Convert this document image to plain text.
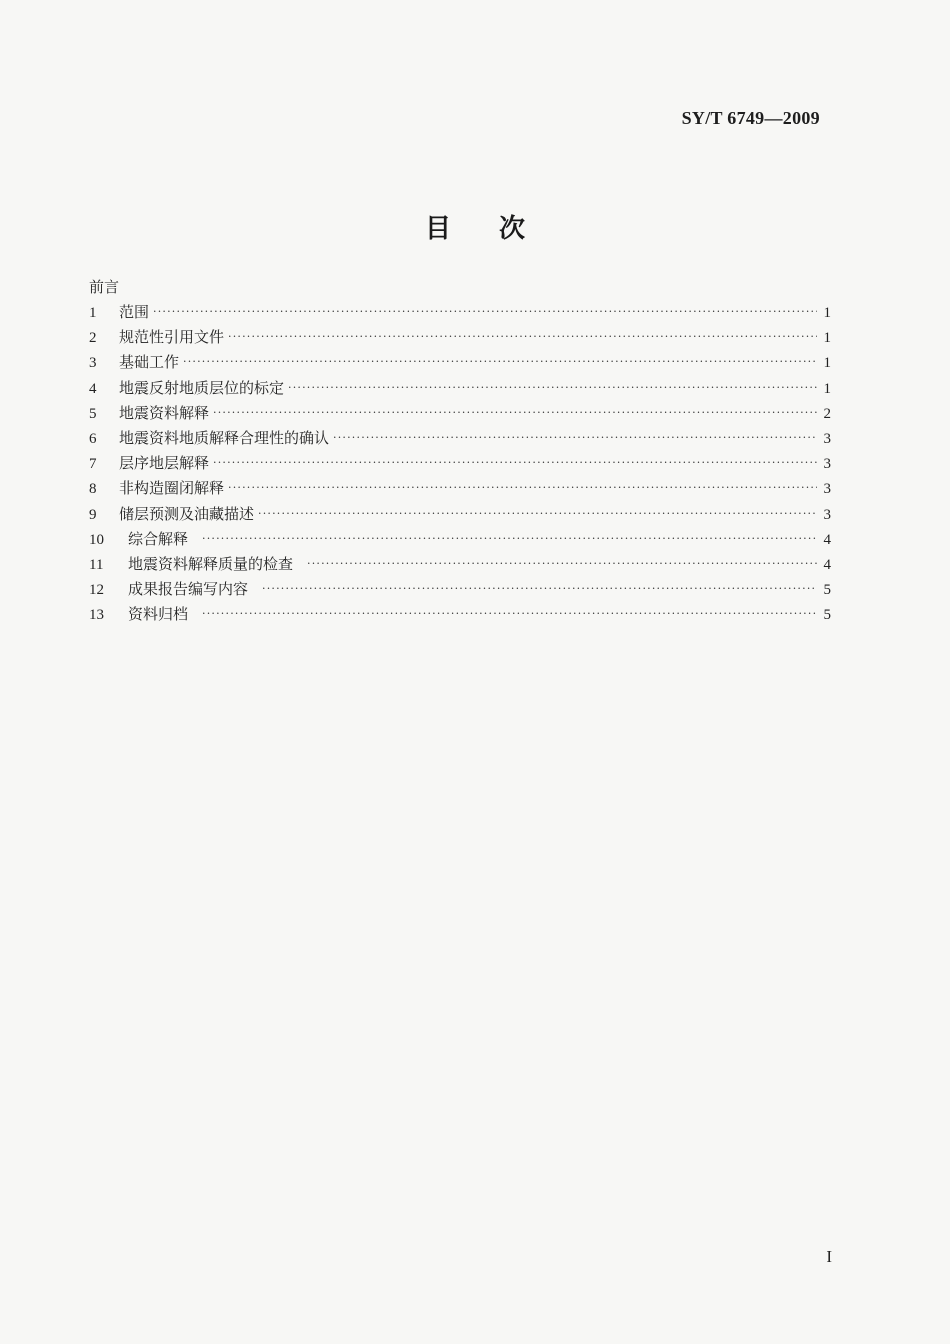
SY/T 6749—2009
目次
前言
1	范围 ·····	1
2	规范性引用文件 ·····	1
3	基础工作 ·····	1
4	地震反射地质层位的标定 ·····	1
5	地震资料解释 ·····	2
6	地震资料地质解释合理性的确认 ·····	3
7	层序地层解释 ·····	3
8	非构造圈闭解释 ·····	3
9	储层预测及油藏描述 ·····	3
10	综合解释 ·····	4
11	地震资料解释质量的检查 ·····	4
12	成果报告编写内容 ·····	5
13	资料归档 ·····	5
I
